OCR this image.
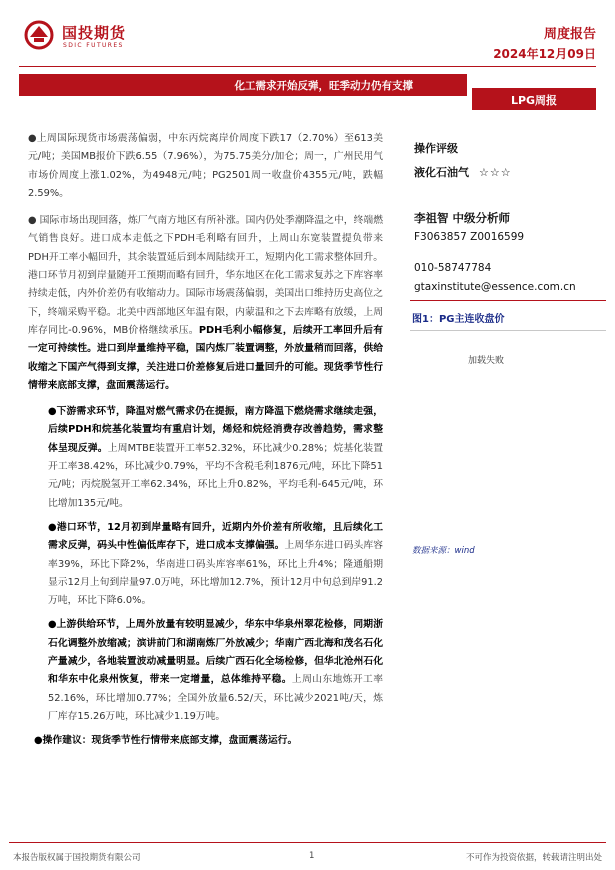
国投期货
SDIC FUTURES
周度报告
2024年12月09日
化工需求开始反弹，旺季动力仍有支撑
LPG周报

●上周国际现货市场震荡偏弱，中东丙烷离岸价周度下跌17（2.70%）至613美元/吨；美国MB报价下跌6.55（7.96%），为75.75美分/加仑；周一，广州民用气市场价周度上涨1.02%，为4948元/吨；PG2501周一收盘价4355元/吨，跌幅2.59%。

● 国际市场出现回落，炼厂气南方地区有所补涨。国内仍处季潮降温之中，终端燃气销售良好。进口成本走低之下PDH毛利略有回升，上周山东宽装置提负带来PDH开工率小幅回升，其余装置延后到本周陆续开工，短期内化工需求整体回升。港口环节月初到岸量随开工预期而略有回升，华东地区在化工需求复苏之下库容率持续走低，内外价差仍有收缩动力。国际市场震荡偏弱，美国出口维持历史高位之下，终端采购平稳。北美中西部地区年温有限，内蒙温和之下去库略有放缓，上周库存同比-0.96%，MB价格继续承压。PDH毛利小幅修复，后续开工率回升后有一定可持续性。进口到岸量维持平稳，国内炼厂装置调整，外放量稍而回落，供给收缩之下国产气得到支撑，关注进口价差修复后进口量回升的可能。现货季节性行情带来底部支撑，盘面震荡运行。

●下游需求环节，降温对燃气需求仍在提振，南方降温下燃烧需求继续走强，后续PDH和烷基化装置均有重启计划，烯烃和烷烃消费存改善趋势，需求整体呈现反弹。上周MTBE装置开工率52.32%，环比减少0.28%；烷基化装置开工率38.42%，环比减少0.79%，平均不含税毛利1876元/吨，环比下降51元/吨；丙烷脱氢开工率62.34%，环比上升0.82%，平均毛利-645元/吨，环比增加135元/吨。

●港口环节，12月初到岸量略有回升，近期内外价差有所收缩，且后续化工需求反弹，码头中性偏低库存下，进口成本支撑偏强。上周华东进口码头库容率39%，环比下降2%，华南进口码头库容率61%，环比上升4%；隆通船期显示12月上旬到岸量97.0万吨，环比增加12.7%，预计12月中旬总到岸91.2万吨，环比下降6.0%。

●上游供给环节，上周外放量有较明显减少，华东中华泉州翠花检修，同期浙石化调整外放缩减；滨讲前门和湖南炼厂外放减少；华南广西北海和茂名石化产量减少，各地装置波动减量明显。后续广西石化全场检修，但华北沧州石化和华东中化泉州恢复，带来一定增量，总体维持平稳。上周山东地炼开工率52.16%，环比增加0.77%；全国外放量6.52/天，环比减少2021吨/天，炼厂库存15.26万吨，环比减少1.19万吨。

●操作建议：现货季节性行情带来底部支撑，盘面震荡运行。

操作评级
液化石油气 ☆☆☆
李祖智 中级分析师
F3063857 Z0016599
010-58747784
gtaxinstitute@essence.com.cn
图1：PG主连收盘价
加载失败
数据来源：wind
本报告版权属于国投期货有限公司	1	不可作为投资依据，转载请注明出处
